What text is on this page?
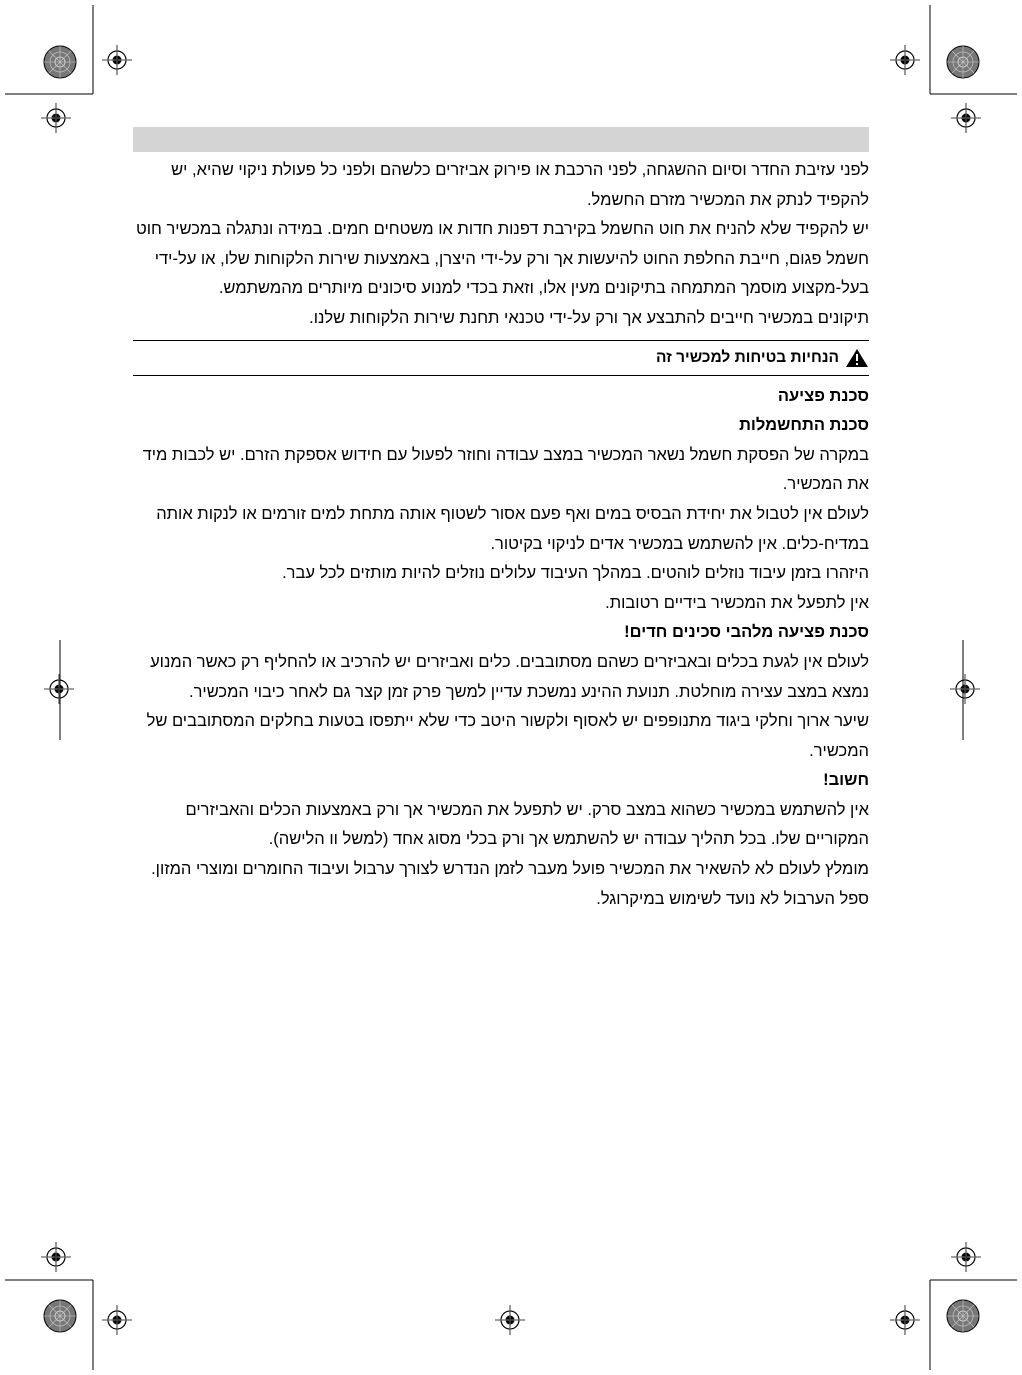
לפני עזיבת החדר וסיום ההשגחה, לפני הרכבת או פירוק אביזרים כלשהם ולפני כל פעולת ניקוי שהיא, יש להקפיד לנתק את המכשיר מזרם החשמל.

יש להקפיד שלא להניח את חוט החשמל בקירבת דפנות חדות או משטחים חמים. במידה ונתגלה במכשיר חוט חשמל פגום, חייבת החלפת החוט להיעשות אך ורק על-ידי היצרן, באמצעות שירות הלקוחות שלו, או על-ידי בעל-מקצוע מוסמך המתמחה בתיקונים מעין אלו, וזאת בכדי למנוע סיכונים מיותרים מהמשתמש.

תיקונים במכשיר חייבים להתבצע אך ורק על-ידי טכנאי תחנת שירות הלקוחות שלנו.

הנחיות בטיחות למכשיר זה

סכנת פציעה

סכנת התחשמלות

במקרה של הפסקת חשמל נשאר המכשיר במצב עבודה וחוזר לפעול עם חידוש אספקת הזרם. יש לכבות מיד את המכשיר.

לעולם אין לטבול את יחידת הבסיס במים ואף פעם אסור לשטוף אותה מתחת למים זורמים או לנקות אותה במדיח-כלים. אין להשתמש במכשיר אדים לניקוי בקיטור.

היזהרו בזמן עיבוד נוזלים לוהטים. במהלך העיבוד עלולים נוזלים להיות מותזים לכל עבר.

אין לתפעל את המכשיר בידיים רטובות.

סכנת פציעה מלהבי סכינים חדים!

לעולם אין לגעת בכלים ובאביזרים כשהם מסתובבים. כלים ואביזרים יש להרכיב או להחליף רק כאשר המנוע נמצא במצב עצירה מוחלטת. תנועת ההינע נמשכת עדיין למשך פרק זמן קצר גם לאחר כיבוי המכשיר.

שיער ארוך וחלקי ביגוד מתנופפים יש לאסוף ולקשור היטב כדי שלא ייתפסו בטעות בחלקים המסתובבים של המכשיר.

חשוב!

אין להשתמש במכשיר כשהוא במצב סרק. יש לתפעל את המכשיר אך ורק באמצעות הכלים והאביזרים המקוריים שלו. בכל תהליך עבודה יש להשתמש אך ורק בכלי מסוג אחד (למשל וו הלישה).

מומלץ לעולם לא להשאיר את המכשיר פועל מעבר לזמן הנדרש לצורך ערבול ועיבוד החומרים ומוצרי המזון. ספל הערבול לא נועד לשימוש במיקרוגל.
